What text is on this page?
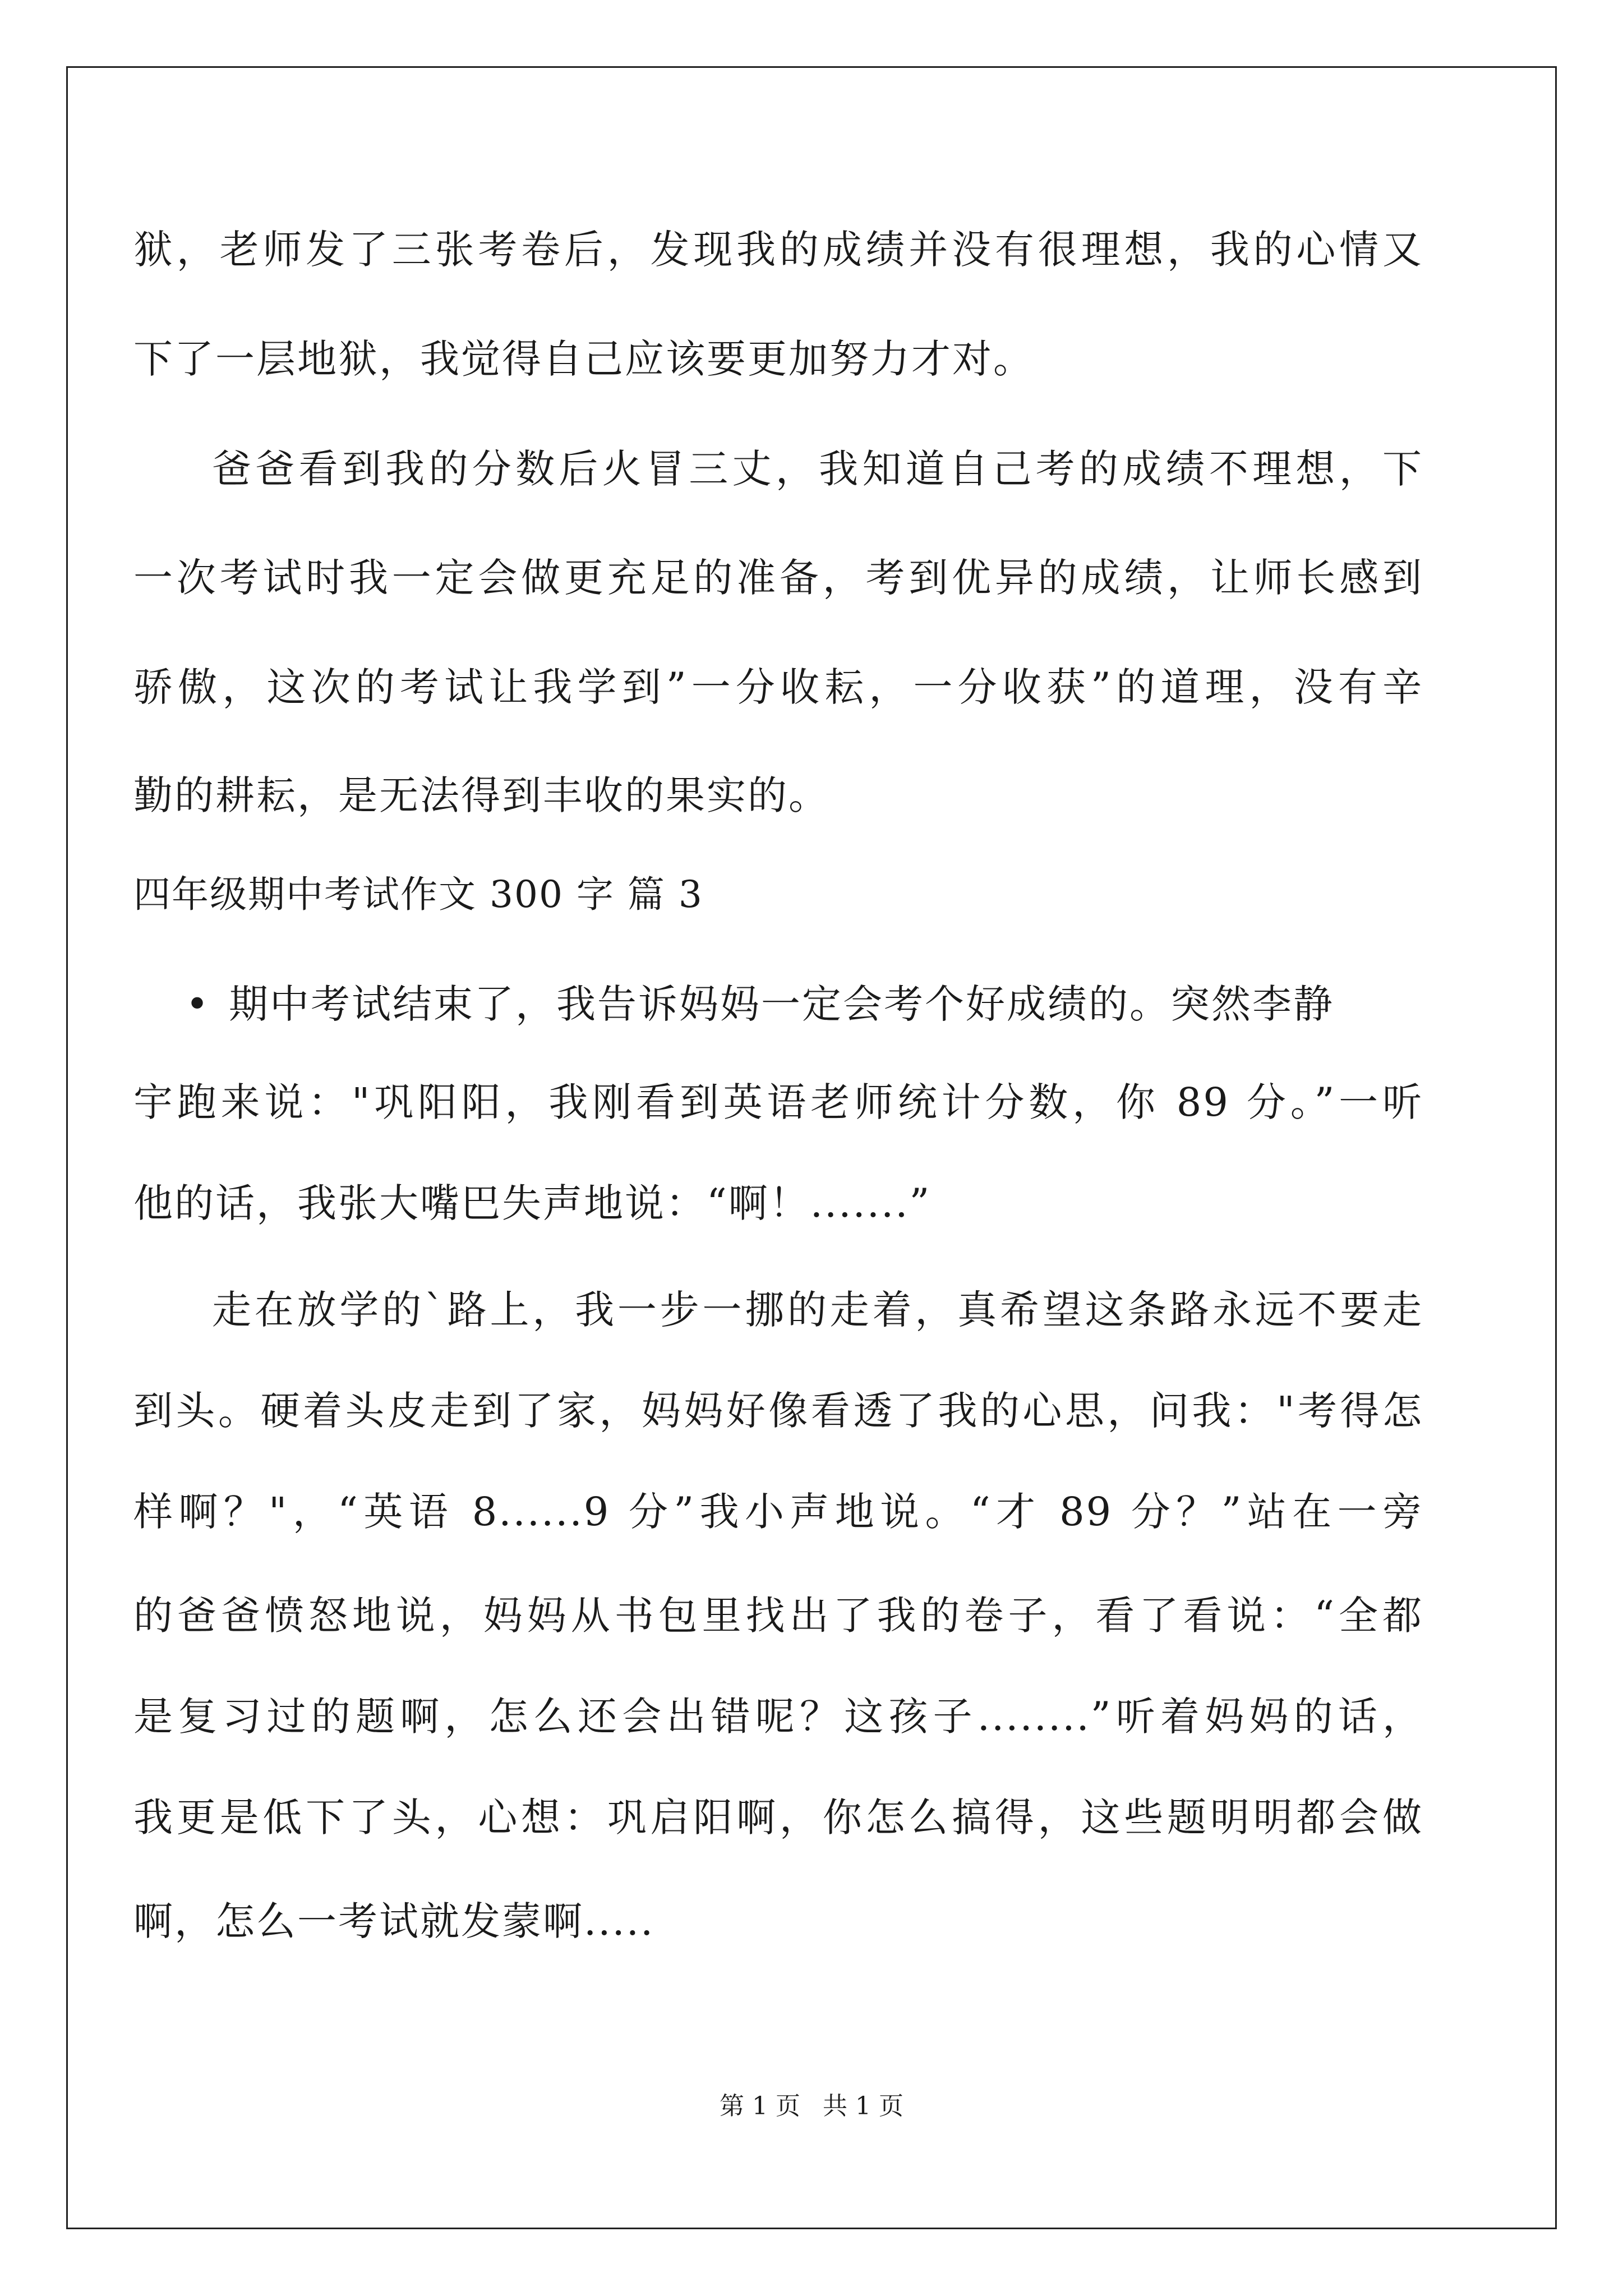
狱，老师发了三张考卷后，发现我的成绩并没有很理想，我的心情又
下了一层地狱，我觉得自己应该要更加努力才对。
爸爸看到我的分数后火冒三丈，我知道自己考的成绩不理想，下
一次考试时我一定会做更充足的准备，考到优异的成绩，让师长感到
骄傲，这次的考试让我学到”一分收耘，一分收获”的道理，没有辛
勤的耕耘，是无法得到丰收的果实的。
四年级期中考试作文 300 字 篇 3
• 期中考试结束了，我告诉妈妈一定会考个好成绩的。突然李静
宇跑来说："巩阳阳，我刚看到英语老师统计分数，你 89 分。”一听
他的话，我张大嘴巴失声地说：“啊！.......”
走在放学的`路上，我一步一挪的走着，真希望这条路永远不要走
到头。硬着头皮走到了家，妈妈好像看透了我的心思，问我："考得怎
样啊？"，“英语 8......9 分”我小声地说。“才 89 分？”站在一旁
的爸爸愤怒地说，妈妈从书包里找出了我的卷子，看了看说：“全都
是复习过的题啊，怎么还会出错呢？这孩子........”听着妈妈的话，
我更是低下了头，心想：巩启阳啊，你怎么搞得，这些题明明都会做
啊，怎么一考试就发蒙啊.....
第 1 页 共 1 页
